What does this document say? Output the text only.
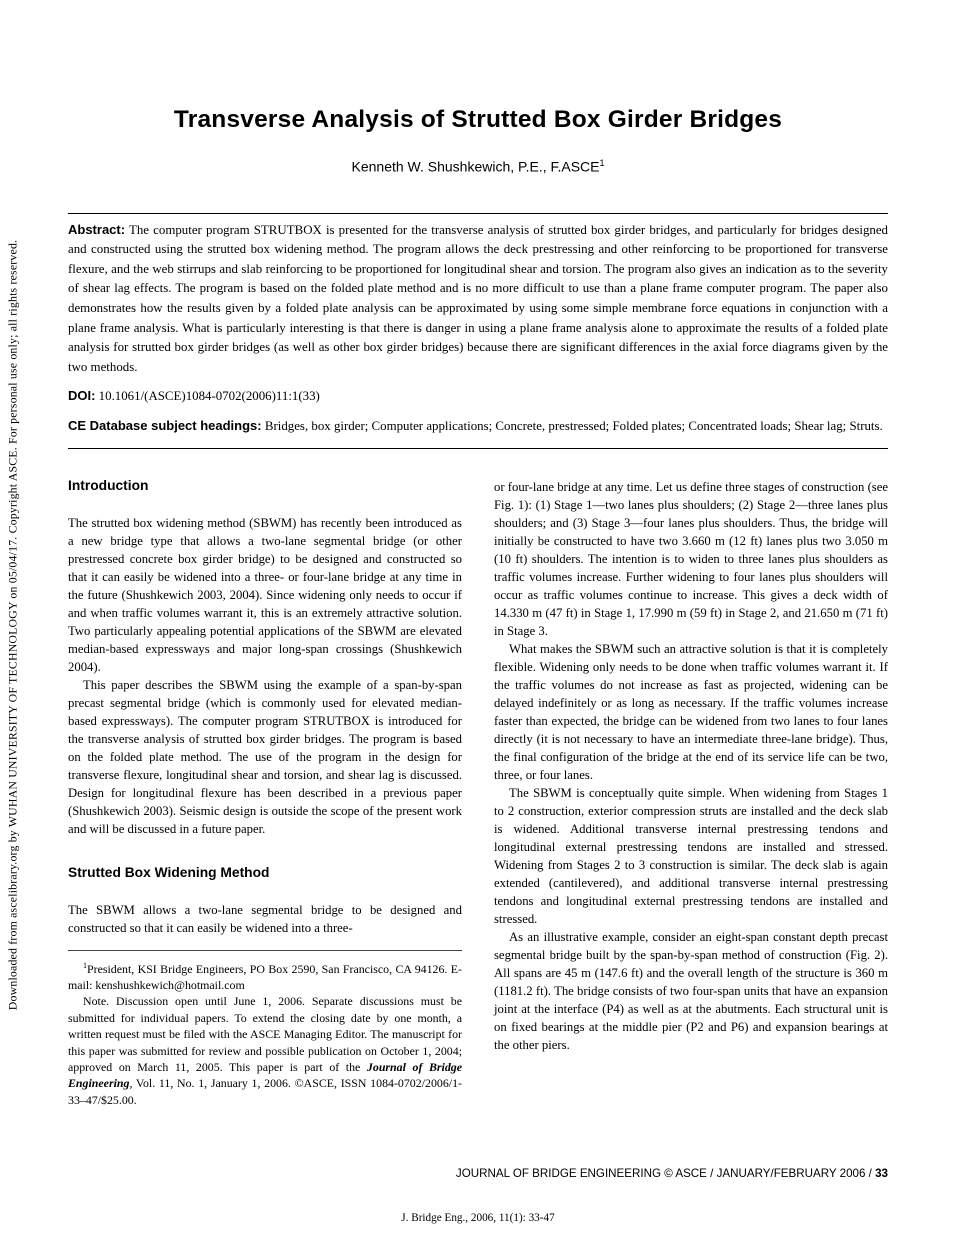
Downloaded from ascelibrary.org by WUHAN UNIVERSITY OF TECHNOLOGY on 05/04/17. Copyright ASCE. For personal use only; all rights reserved.
Transverse Analysis of Strutted Box Girder Bridges
Kenneth W. Shushkewich, P.E., F.ASCE$^1$

Abstract: The computer program STRUTBOX is presented for the transverse analysis of strutted box girder bridges, and particularly for bridges designed and constructed using the strutted box widening method. The program allows the deck prestressing and other reinforcing to be proportioned for transverse flexure, and the web stirrups and slab reinforcing to be proportioned for longitudinal shear and torsion. The program also gives an indication as to the severity of shear lag effects. The program is based on the folded plate method and is no more difficult to use than a plane frame computer program. The paper also demonstrates how the results given by a folded plate analysis can be approximated by using some simple membrane force equations in conjunction with a plane frame analysis. What is particularly interesting is that there is danger in using a plane frame analysis alone to approximate the results of a folded plate analysis for strutted box girder bridges (as well as other box girder bridges) because there are significant differences in the axial force diagrams given by the two methods.

DOI: 10.1061/(ASCE)1084-0702(2006)11:1(33)

CE Database subject headings: Bridges, box girder; Computer applications; Concrete, prestressed; Folded plates; Concentrated loads; Shear lag; Struts.

Introduction

The strutted box widening method (SBWM) has recently been introduced as a new bridge type that allows a two-lane segmental bridge (or other prestressed concrete box girder bridge) to be designed and constructed so that it can easily be widened into a three- or four-lane bridge at any time in the future (Shushkewich 2003, 2004). Since widening only needs to occur if and when traffic volumes warrant it, this is an extremely attractive solution. Two particularly appealing potential applications of the SBWM are elevated median-based expressways and major long-span crossings (Shushkewich 2004).

This paper describes the SBWM using the example of a span-by-span precast segmental bridge (which is commonly used for elevated median-based expressways). The computer program STRUTBOX is introduced for the transverse analysis of strutted box girder bridges. The program is based on the folded plate method. The use of the program in the design for transverse flexure, longitudinal shear and torsion, and shear lag is discussed. Design for longitudinal flexure has been described in a previous paper (Shushkewich 2003). Seismic design is outside the scope of the present work and will be discussed in a future paper.

Strutted Box Widening Method

The SBWM allows a two-lane segmental bridge to be designed and constructed so that it can easily be widened into a three-

$^1$President, KSI Bridge Engineers, PO Box 2590, San Francisco, CA 94126. E-mail: kenshushkewich@hotmail.com

Note. Discussion open until June 1, 2006. Separate discussions must be submitted for individual papers. To extend the closing date by one month, a written request must be filed with the ASCE Managing Editor. The manuscript for this paper was submitted for review and possible publication on October 1, 2004; approved on March 11, 2005. This paper is part of the Journal of Bridge Engineering, Vol. 11, No. 1, January 1, 2006. ©ASCE, ISSN 1084-0702/2006/1-33–47/$25.00.

or four-lane bridge at any time. Let us define three stages of construction (see Fig. 1): (1) Stage 1—two lanes plus shoulders; (2) Stage 2—three lanes plus shoulders; and (3) Stage 3—four lanes plus shoulders. Thus, the bridge will initially be constructed to have two 3.660 m (12 ft) lanes plus two 3.050 m (10 ft) shoulders. The intention is to widen to three lanes plus shoulders as traffic volumes increase. Further widening to four lanes plus shoulders will occur as traffic volumes continue to increase. This gives a deck width of 14.330 m (47 ft) in Stage 1, 17.990 m (59 ft) in Stage 2, and 21.650 m (71 ft) in Stage 3.

What makes the SBWM such an attractive solution is that it is completely flexible. Widening only needs to be done when traffic volumes warrant it. If the traffic volumes do not increase as fast as projected, widening can be delayed indefinitely or as long as necessary. If the traffic volumes increase faster than expected, the bridge can be widened from two lanes to four lanes directly (it is not necessary to have an intermediate three-lane bridge). Thus, the final configuration of the bridge at the end of its service life can be two, three, or four lanes.

The SBWM is conceptually quite simple. When widening from Stages 1 to 2 construction, exterior compression struts are installed and the deck slab is widened. Additional transverse internal prestressing tendons and longitudinal external prestressing tendons are installed and stressed. Widening from Stages 2 to 3 construction is similar. The deck slab is again extended (cantilevered), and additional transverse internal prestressing tendons and longitudinal external prestressing tendons are installed and stressed.

As an illustrative example, consider an eight-span constant depth precast segmental bridge built by the span-by-span method of construction (Fig. 2). All spans are 45 m (147.6 ft) and the overall length of the structure is 360 m (1181.2 ft). The bridge consists of two four-span units that have an expansion joint at the interface (P4) as well as at the abutments. Each structural unit is on fixed bearings at the middle pier (P2 and P6) and expansion bearings at the other piers.

JOURNAL OF BRIDGE ENGINEERING © ASCE / JANUARY/FEBRUARY 2006 / 33
J. Bridge Eng., 2006, 11(1): 33-47
